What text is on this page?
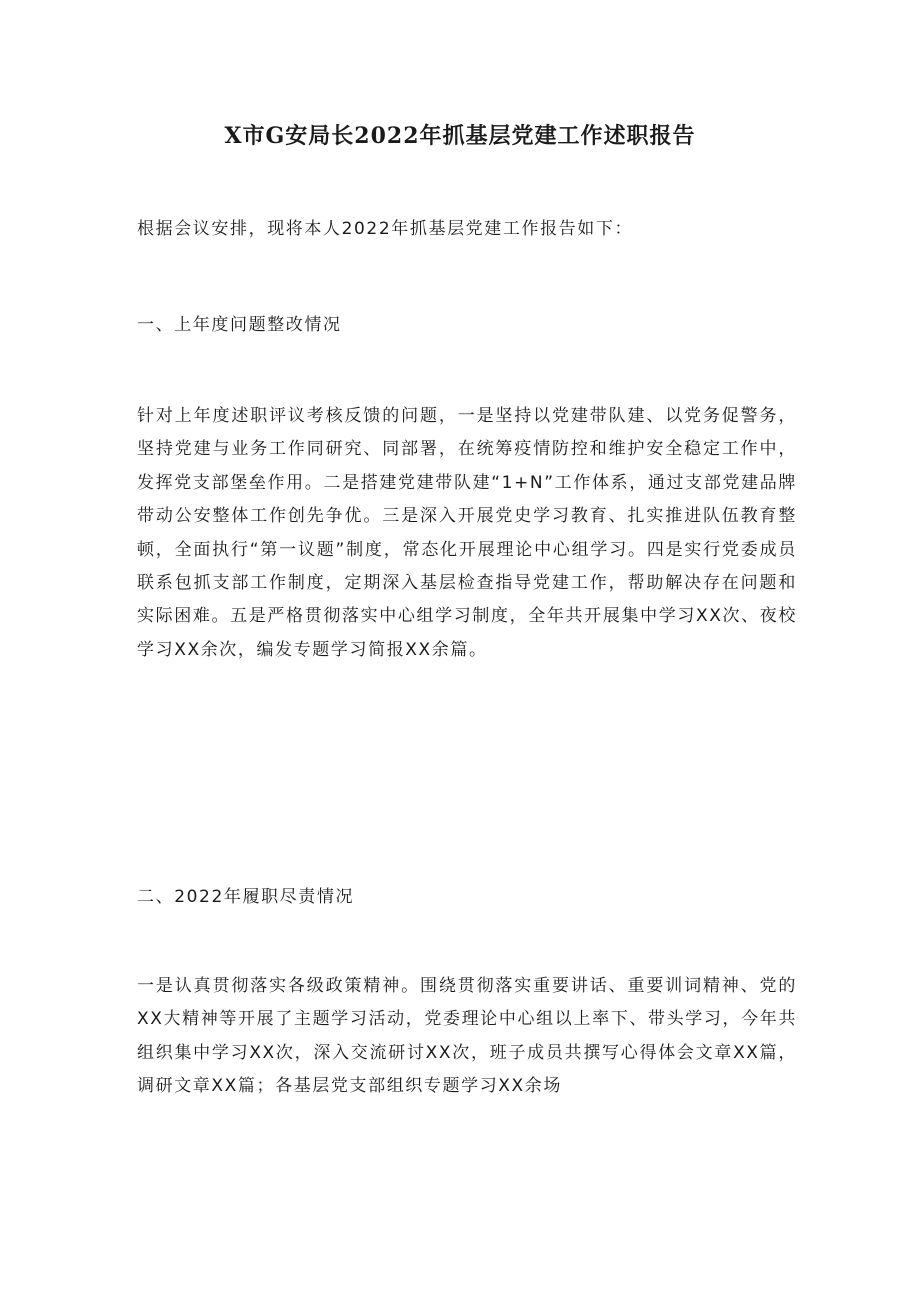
X市G安局长2022年抓基层党建工作述职报告
根据会议安排，现将本人2022年抓基层党建工作报告如下：
一、上年度问题整改情况
针对上年度述职评议考核反馈的问题，一是坚持以党建带队建、以党务促警务，坚持党建与业务工作同研究、同部署，在统筹疫情防控和维护安全稳定工作中，发挥党支部堡垒作用。二是搭建党建带队建“1+N”工作体系，通过支部党建品牌带动公安整体工作创先争优。三是深入开展党史学习教育、扎实推进队伍教育整顿，全面执行“第一议题”制度，常态化开展理论中心组学习。四是实行党委成员联系包抓支部工作制度，定期深入基层检查指导党建工作，帮助解决存在问题和实际困难。五是严格贯彻落实中心组学习制度，全年共开展集中学习XX次、夜校学习XX余次，编发专题学习简报XX余篇。
二、2022年履职尽责情况
一是认真贯彻落实各级政策精神。围绕贯彻落实重要讲话、重要训词精神、党的XX大精神等开展了主题学习活动，党委理论中心组以上率下、带头学习，今年共组织集中学习XX次，深入交流研讨XX次，班子成员共撰写心得体会文章XX篇，调研文章XX篇；各基层党支部组织专题学习XX余场
